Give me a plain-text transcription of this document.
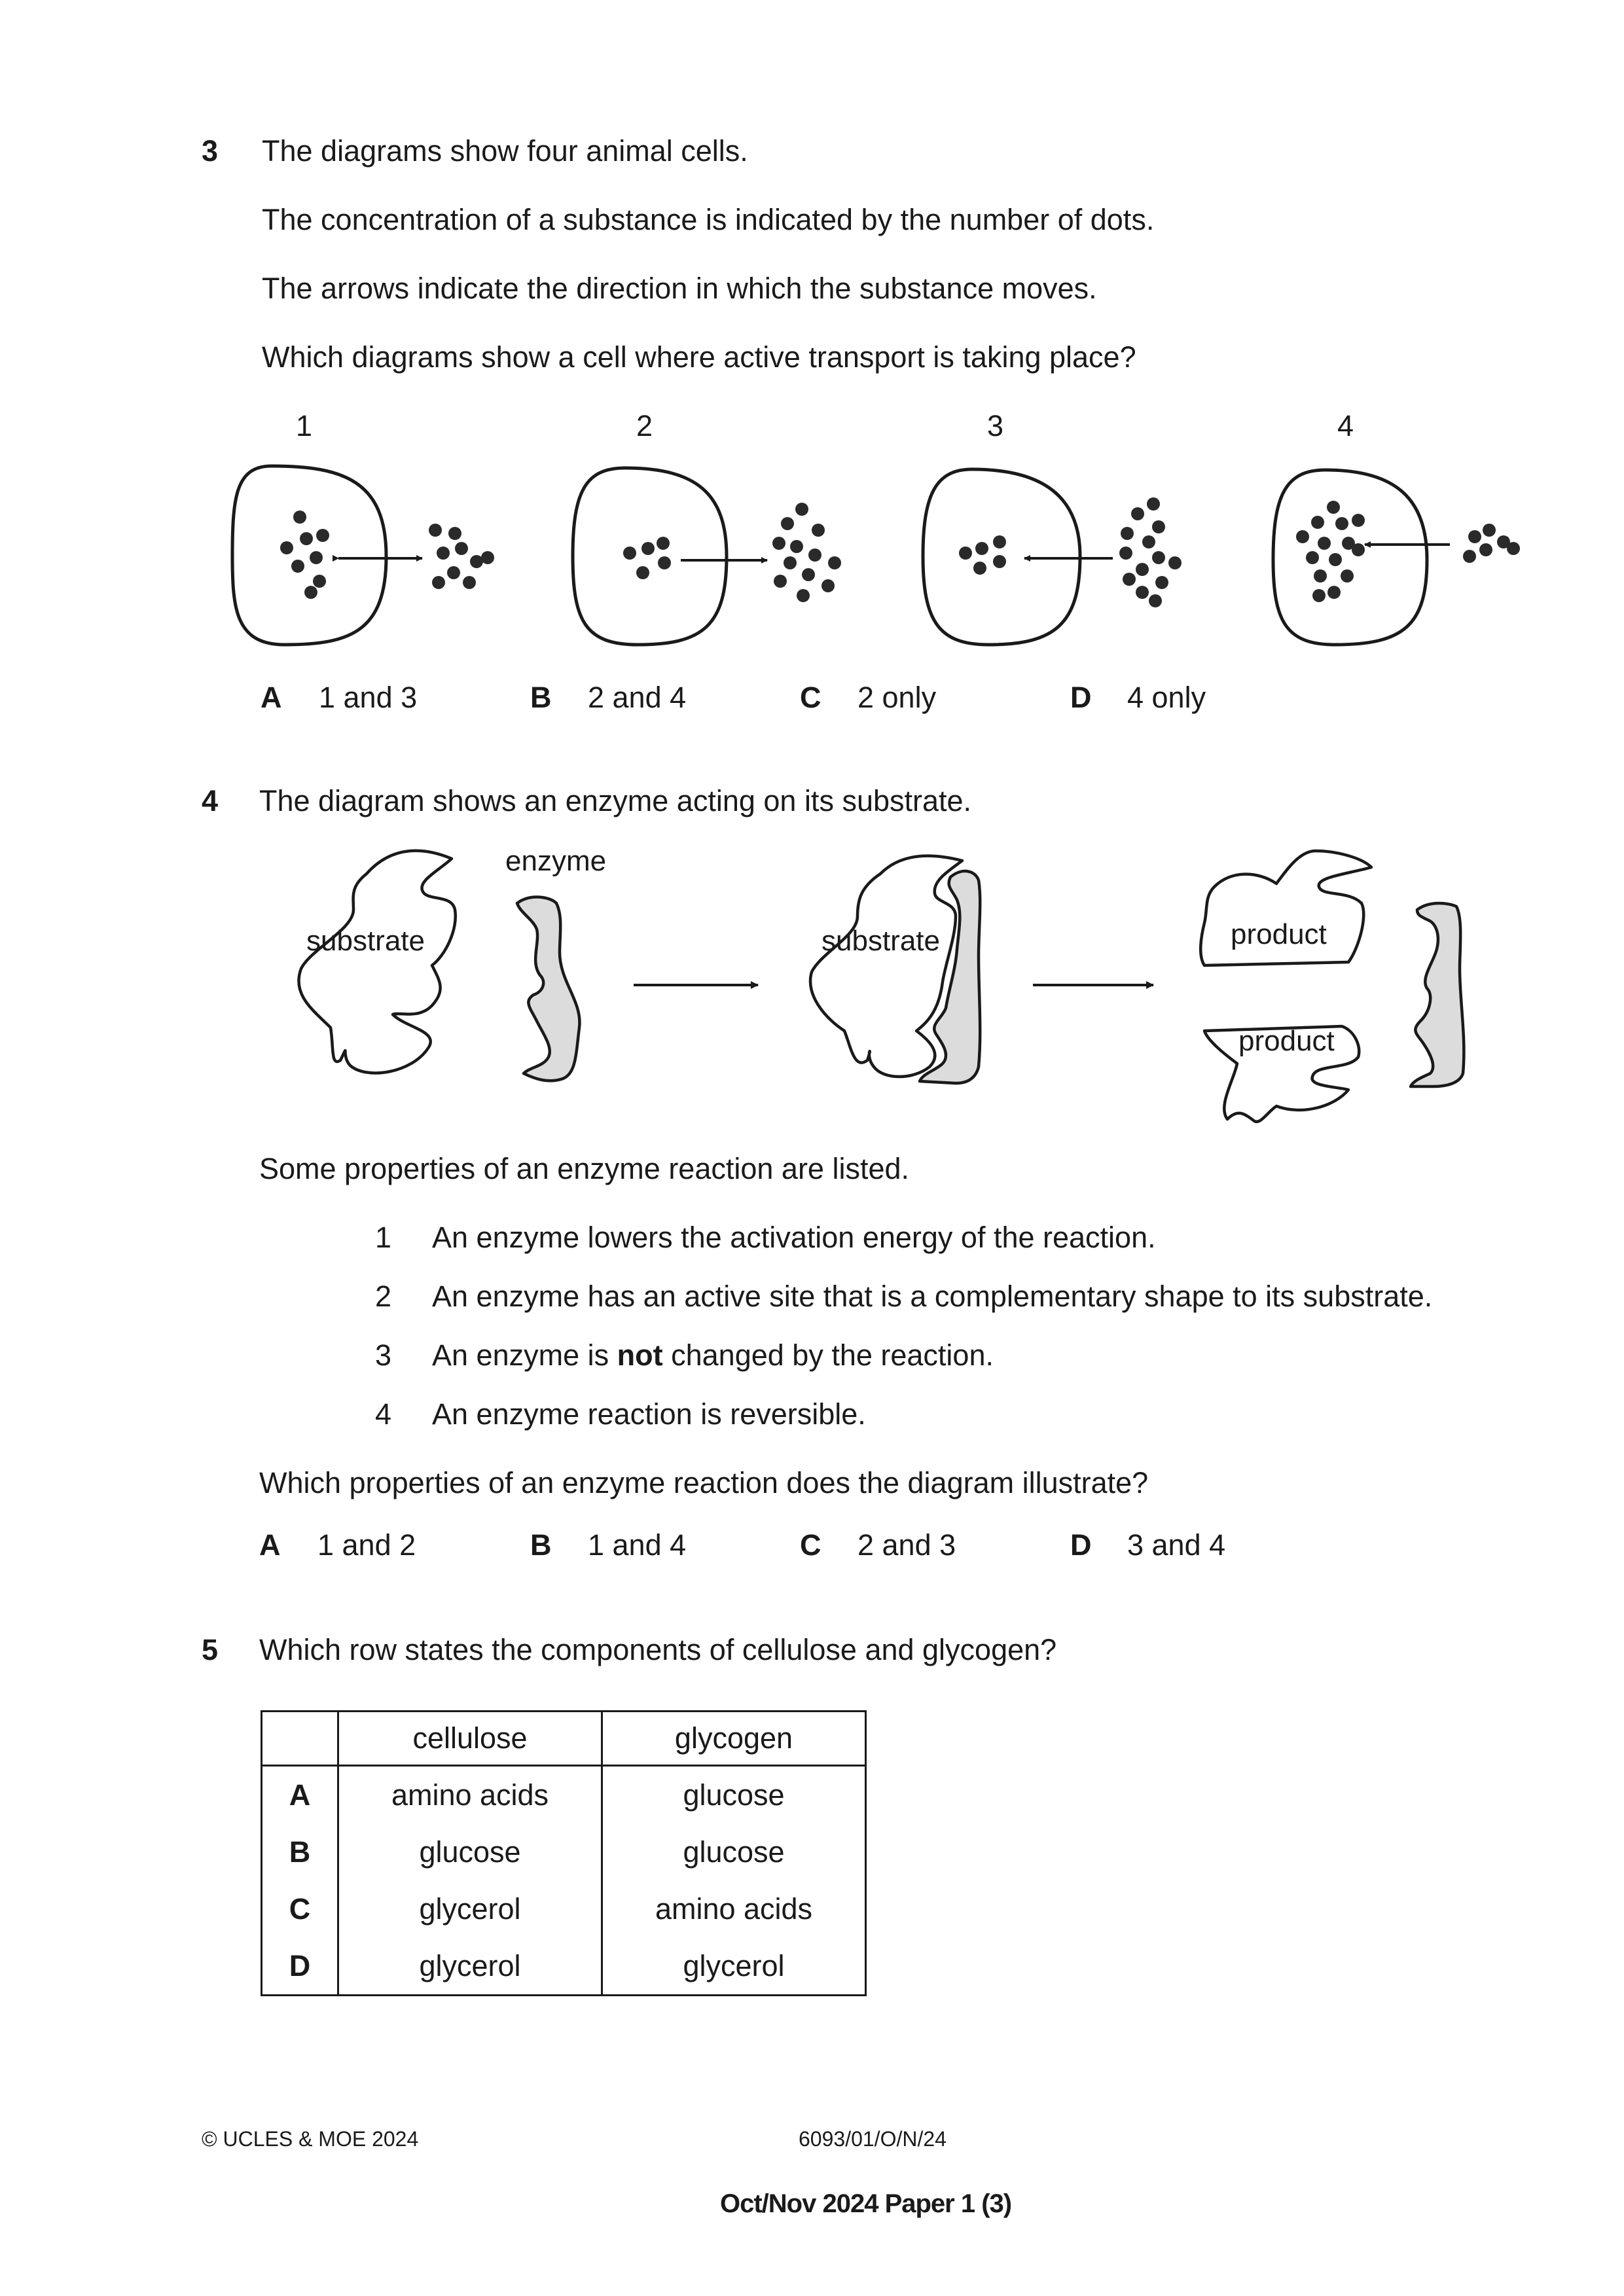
3 The diagrams show four animal cells.
The concentration of a substance is indicated by the number of dots.
The arrows indicate the direction in which the substance moves.
Which diagrams show a cell where active transport is taking place?
1	2	3	4
A 1 and 3	B 2 and 4	C 2 only	D 4 only
4 The diagram shows an enzyme acting on its substrate.
substrate
enzyme
substrate	product
product
Some properties of an enzyme reaction are listed.
1 An enzyme lowers the activation energy of the reaction.
2 An enzyme has an active site that is a complementary shape to its substrate.
3 An enzyme is not changed by the reaction.
4 An enzyme reaction is reversible.
Which properties of an enzyme reaction does the diagram illustrate?
A 1 and 2	B 1 and 4	C 2 and 3	D 3 and 4
5 Which row states the components of cellulose and glycogen?
	cellulose	glycogen
A	amino acids	glucose
B	glucose	glucose
C	glycerol	amino acids
D	glycerol	glycerol
© UCLES & MOE 2024	6093/01/O/N/24
Oct/Nov 2024 Paper 1 (3)
